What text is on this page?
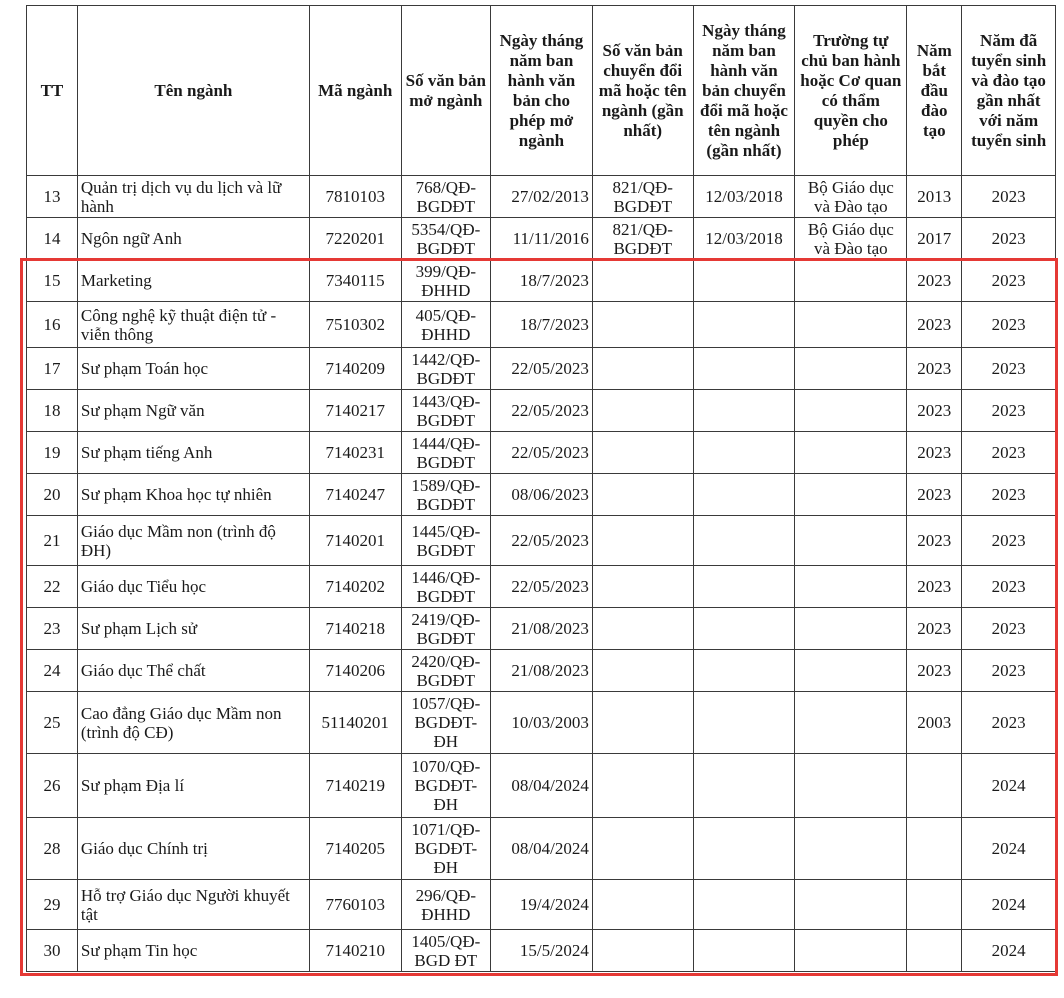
TT	Tên ngành	Mã ngành	Số văn bản mở ngành	Ngày tháng năm ban hành văn bản cho phép mở ngành	Số văn bản chuyển đổi mã hoặc tên ngành (gần nhất)	Ngày tháng năm ban hành văn bản chuyển đổi mã hoặc tên ngành (gần nhất)	Trường tự chủ ban hành hoặc Cơ quan có thẩm quyền cho phép	Năm bắt đầu đào tạo	Năm đã tuyển sinh và đào tạo gần nhất với năm tuyển sinh
13	Quản trị dịch vụ du lịch và lữ hành	7810103	768/QĐ-BGDĐT	27/02/2013	821/QĐ-BGDĐT	12/03/2018	Bộ Giáo dục và Đào tạo	2013	2023
14	Ngôn ngữ Anh	7220201	5354/QĐ-BGDĐT	11/11/2016	821/QĐ-BGDĐT	12/03/2018	Bộ Giáo dục và Đào tạo	2017	2023
15	Marketing	7340115	399/QĐ-ĐHHD	18/7/2023				2023	2023
16	Công nghệ kỹ thuật điện tử - viễn thông	7510302	405/QĐ-ĐHHD	18/7/2023				2023	2023
17	Sư phạm Toán học	7140209	1442/QĐ-BGDĐT	22/05/2023				2023	2023
18	Sư phạm Ngữ văn	7140217	1443/QĐ-BGDĐT	22/05/2023				2023	2023
19	Sư phạm tiếng Anh	7140231	1444/QĐ-BGDĐT	22/05/2023				2023	2023
20	Sư phạm Khoa học tự nhiên	7140247	1589/QĐ-BGDĐT	08/06/2023				2023	2023
21	Giáo dục Mầm non (trình độ ĐH)	7140201	1445/QĐ-BGDĐT	22/05/2023				2023	2023
22	Giáo dục Tiểu học	7140202	1446/QĐ-BGDĐT	22/05/2023				2023	2023
23	Sư phạm Lịch sử	7140218	2419/QĐ-BGDĐT	21/08/2023				2023	2023
24	Giáo dục Thể chất	7140206	2420/QĐ-BGDĐT	21/08/2023				2023	2023
25	Cao đẳng Giáo dục Mầm non (trình độ CĐ)	51140201	1057/QĐ-BGDĐT-ĐH	10/03/2003				2003	2023
26	Sư phạm Địa lí	7140219	1070/QĐ-BGDĐT-ĐH	08/04/2024					2024
28	Giáo dục Chính trị	7140205	1071/QĐ-BGDĐT-ĐH	08/04/2024					2024
29	Hỗ trợ Giáo dục Người khuyết tật	7760103	296/QĐ-ĐHHD	19/4/2024					2024
30	Sư phạm Tin học	7140210	1405/QĐ-BGD ĐT	15/5/2024					2024
